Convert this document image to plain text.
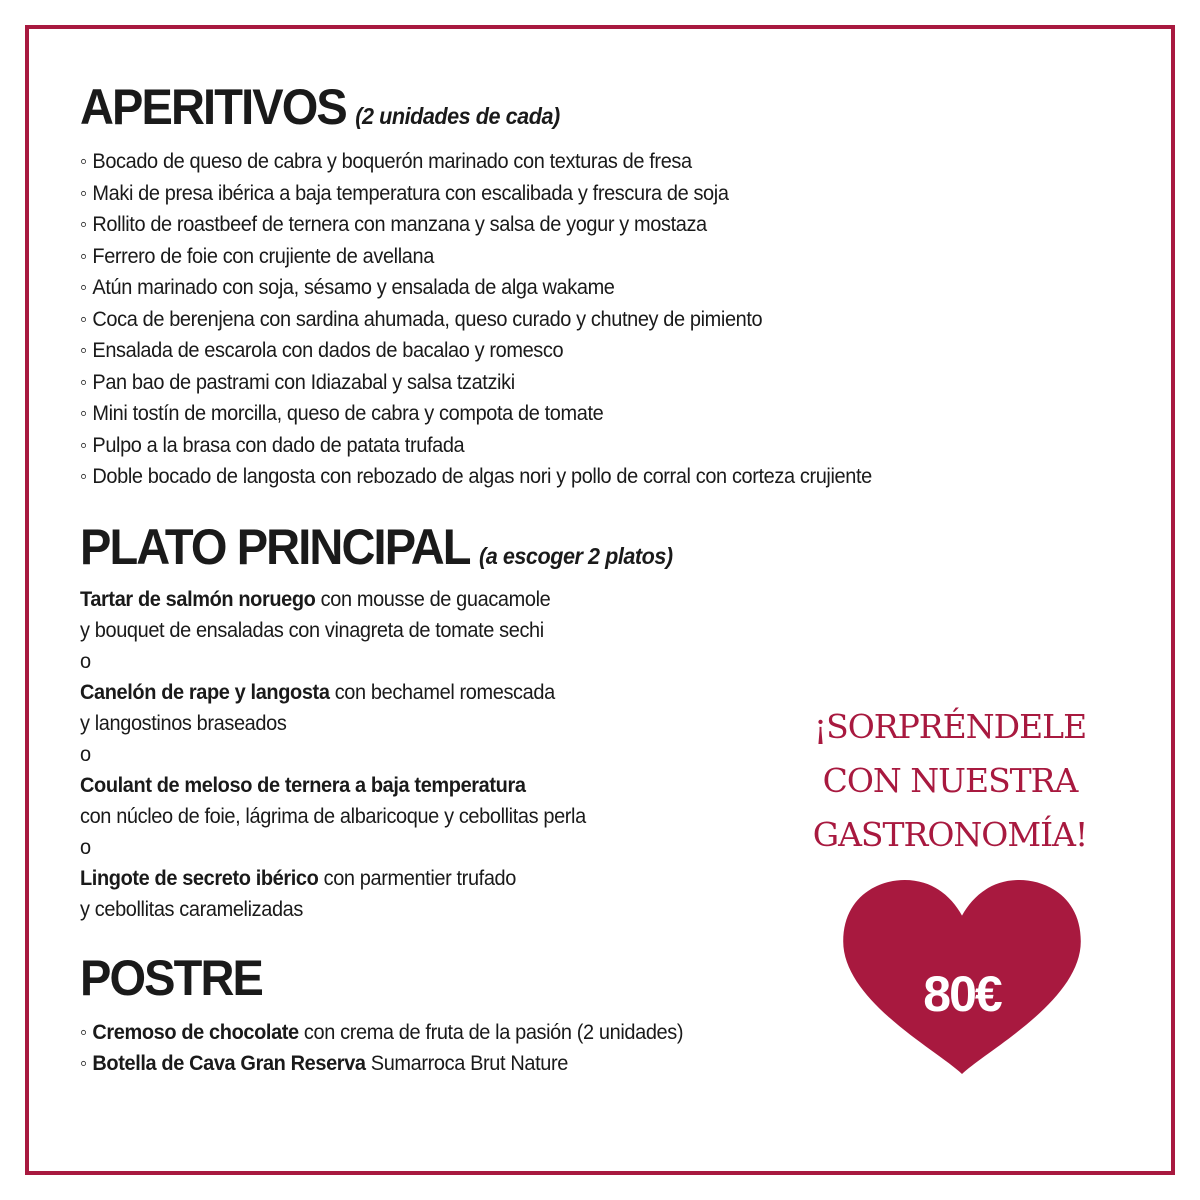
APERITIVOS (2 unidades de cada)
◦ Bocado de queso de cabra y boquerón marinado con texturas de fresa
◦ Maki de presa ibérica a baja temperatura con escalibada y frescura de soja
◦ Rollito de roastbeef de ternera con manzana y salsa de yogur y mostaza
◦ Ferrero de foie con crujiente de avellana
◦ Atún marinado con soja, sésamo y ensalada de alga wakame
◦ Coca de berenjena con sardina ahumada, queso curado y chutney de pimiento
◦ Ensalada de escarola con dados de bacalao y romesco
◦ Pan bao de pastrami con Idiazabal y salsa tzatziki
◦ Mini tostín de morcilla, queso de cabra y compota de tomate
◦ Pulpo a la brasa con dado de patata trufada
◦ Doble bocado de langosta con rebozado de algas nori y pollo de corral con corteza crujiente
PLATO PRINCIPAL (a escoger 2 platos)

Tartar de salmón noruego con mousse de guacamole

y bouquet de ensaladas con vinagreta de tomate sechi

o

Canelón de rape y langosta con bechamel romescada

y langostinos braseados

o

Coulant de meloso de ternera a baja temperatura

con núcleo de foie, lágrima de albaricoque y cebollitas perla

o

Lingote de secreto ibérico con parmentier trufado

y cebollitas caramelizadas

POSTRE
◦ Cremoso de chocolate con crema de fruta de la pasión (2 unidades)
◦ Botella de Cava Gran Reserva Sumarroca Brut Nature
¡SORPRÉNDELE
CON NUESTRA
GASTRONOMÍA!
80€
